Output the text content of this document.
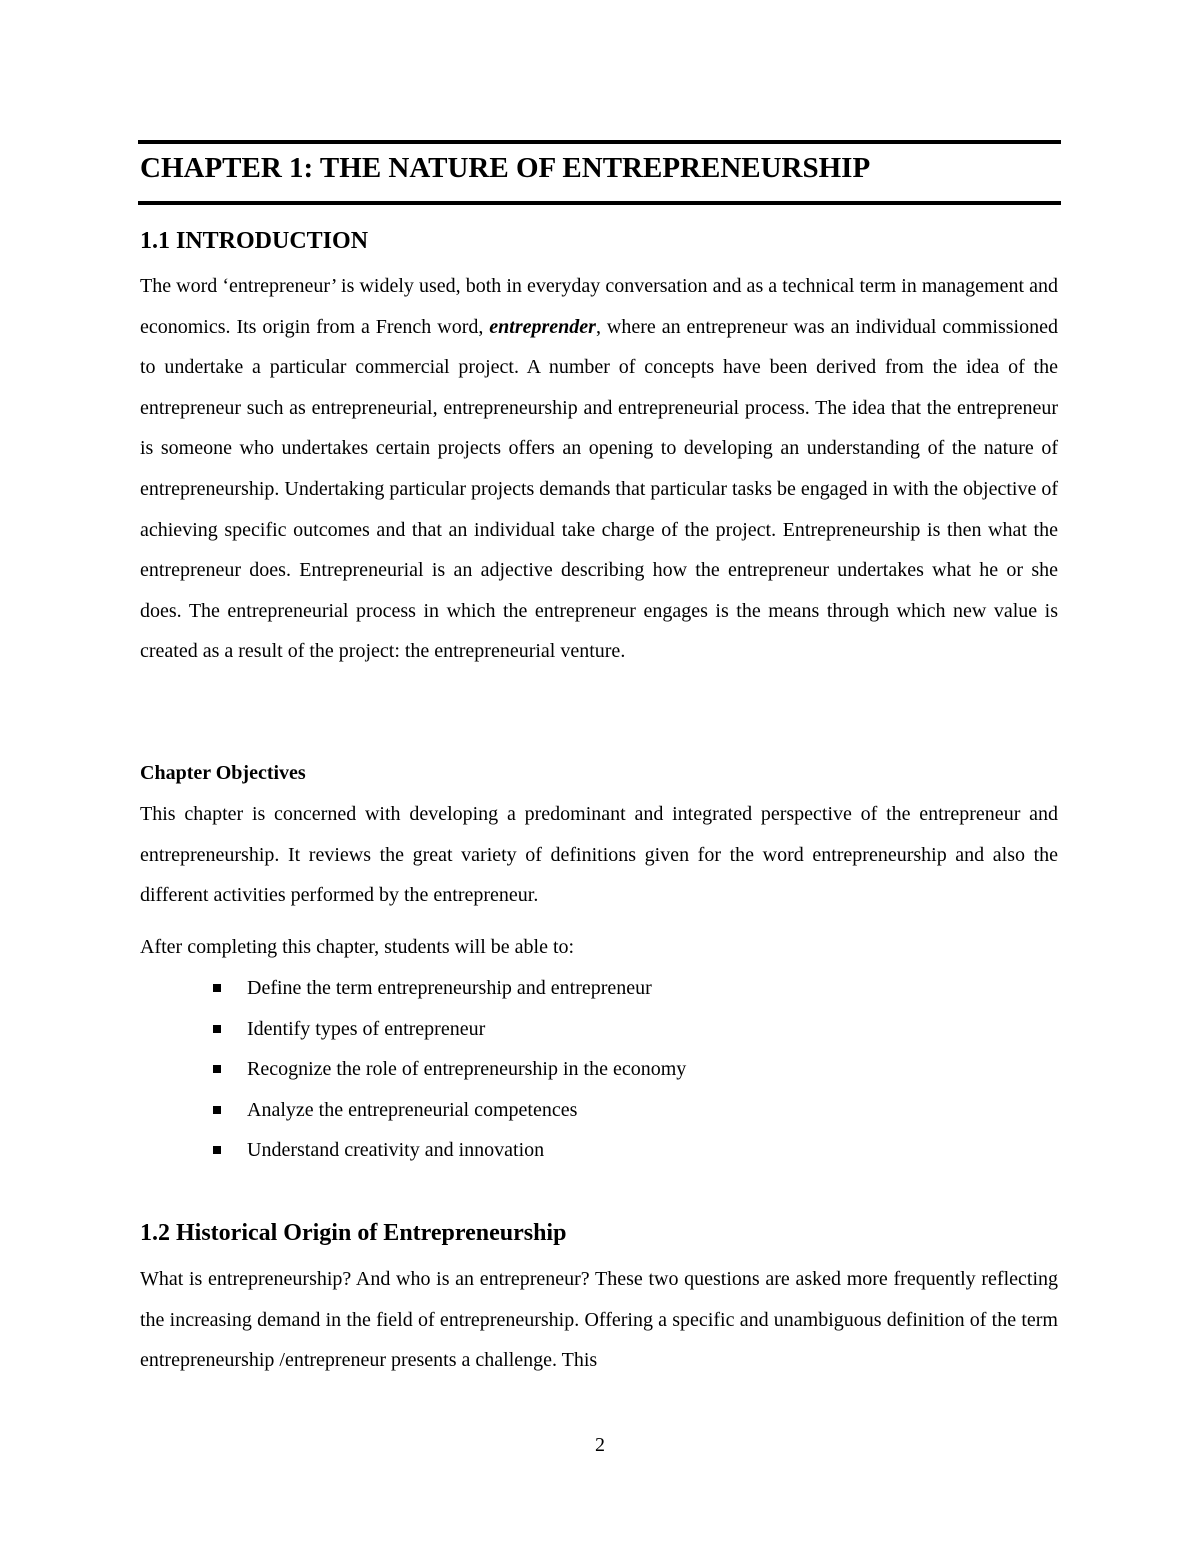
CHAPTER 1: THE NATURE OF ENTREPRENEURSHIP
1.1 INTRODUCTION

The word ‘entrepreneur’ is widely used, both in everyday conversation and as a technical term in management and economics. Its origin from a French word, entreprender, where an entrepreneur was an individual commissioned to undertake a particular commercial project. A number of concepts have been derived from the idea of the entrepreneur such as entrepreneurial, entrepreneurship and entrepreneurial process. The idea that the entrepreneur is someone who undertakes certain projects offers an opening to developing an understanding of the nature of entrepreneurship. Undertaking particular projects demands that particular tasks be engaged in with the objective of achieving specific outcomes and that an individual take charge of the project. Entrepreneurship is then what the entrepreneur does. Entrepreneurial is an adjective describing how the entrepreneur undertakes what he or she does. The entrepreneurial process in which the entrepreneur engages is the means through which new value is created as a result of the project: the entrepreneurial venture.

Chapter Objectives

This chapter is concerned with developing a predominant and integrated perspective of the entrepreneur and entrepreneurship. It reviews the great variety of definitions given for the word entrepreneurship and also the different activities performed by the entrepreneur.

After completing this chapter, students will be able to:

Define the term entrepreneurship and entrepreneur
Identify types of entrepreneur
Recognize the role of entrepreneurship in the economy
Analyze the entrepreneurial competences
Understand creativity and innovation
1.2 Historical Origin of Entrepreneurship

What is entrepreneurship? And who is an entrepreneur? These two questions are asked more frequently reflecting the increasing demand in the field of entrepreneurship. Offering a specific and unambiguous definition of the term entrepreneurship /entrepreneur presents a challenge. This

2
